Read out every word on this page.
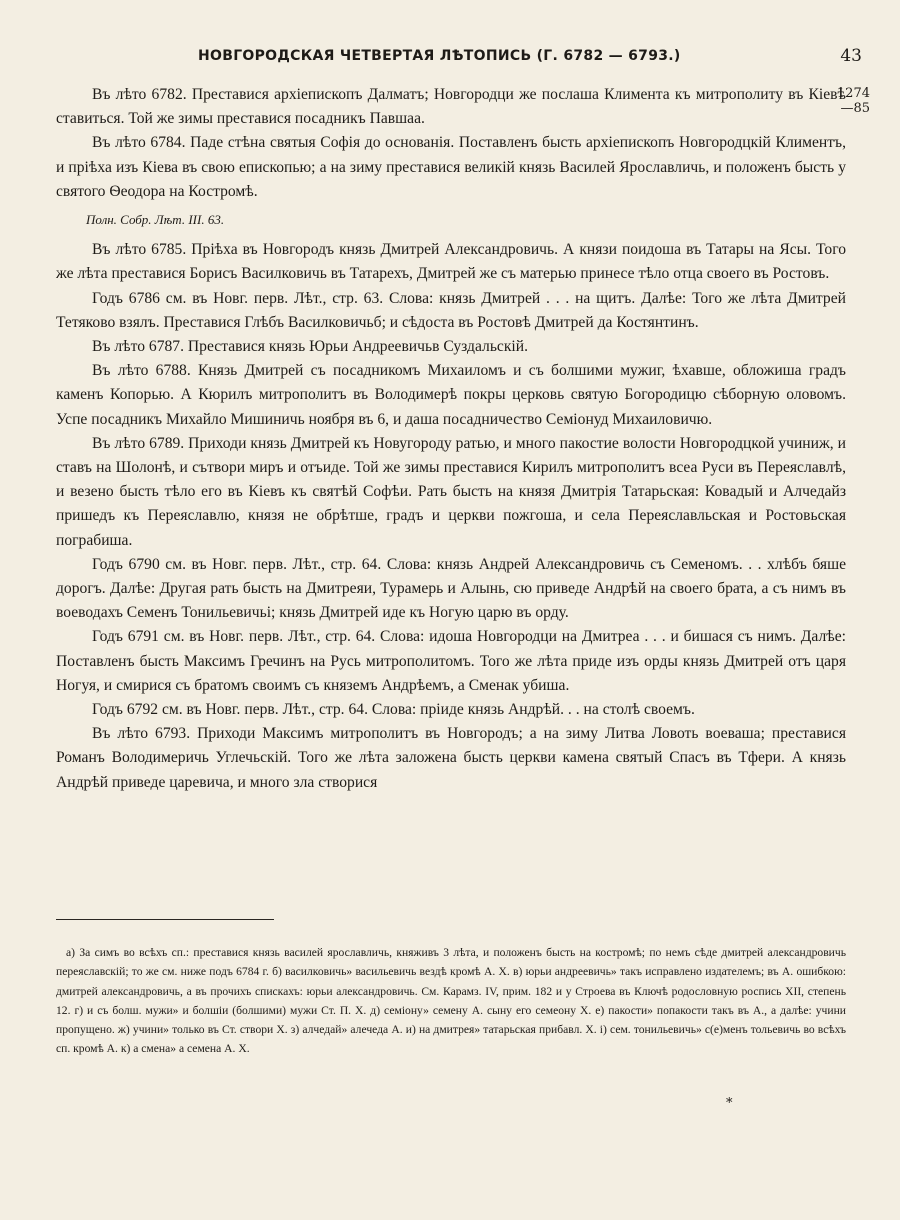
НОВГОРОДСКАЯ ЧЕТВЕРТАЯ ЛѢТОПИСЬ (Г. 6782 — 6793.)	43
1274
—85

Въ лѣто 6782. Преставися архіепископъ Далматъ; Новгородци же послаша Климента къ митрополиту въ Кіевѣ ставиться. Той же зимы преставися посадникъ Павшаа.

Въ лѣто 6784. Паде стѣна святыя Софія до основанія. Поставленъ бысть архіепископъ Новгородцкій Климентъ, и пріѣха изъ Кіева въ свою епископью; а на зиму преставися великій князь Василей Ярославличь, и положенъ бысть у святого Ѳеодора на Костромѣ.

Полн. Собр. Лѣт. III. 63.

Въ лѣто 6785. Пріѣха въ Новгородъ князь Дмитрей Александровичь. А князи поидоша въ Татары на Ясы. Того же лѣта преставися Борисъ Василковичь въ Татарехъ, Дмитрей же съ матерью принесе тѣло отца своего въ Ростовъ.

Годъ 6786 см. въ Новг. перв. Лѣт., стр. 63. Слова: князь Дмитрей . . . на щитъ. Далѣе: Того же лѣта Дмитрей Тетяково взялъ. Преставися Глѣбъ Василковичьб; и сѣдоста въ Ростовѣ Дмитрей да Костянтинъ.

Въ лѣто 6787. Преставися князь Юрьи Андреевичьв Суздальскій.

Въ лѣто 6788. Князь Дмитрей съ посадникомъ Михаиломъ и съ болшими мужиг, ѣхавше, обложиша градъ каменъ Копорью. А Кюрилъ митрополитъ въ Володимерѣ покры церковь святую Богородицю сѣборную оловомъ. Успе посадникъ Михайло Мишиничь ноября въ 6, и даша посадничество Семіонуд Михаиловичю.

Въ лѣто 6789. Приходи князь Дмитрей къ Новугороду ратью, и много пакостие волости Новгородцкой учиниж, и ставъ на Шолонѣ, и сътвори миръ и отъиде. Той же зимы преставися Кирилъ митрополитъ всеа Руси въ Переяславлѣ, и везено бысть тѣло его въ Кіевъ къ святѣй Софѣи. Рать бысть на князя Дмитрія Татарьская: Ковадый и Алчедайз пришедъ къ Переяславлю, князя не обрѣтше, градъ и церкви пожгоша, и села Переяславльская и Ростовьская пограбиша.

Годъ 6790 см. въ Новг. перв. Лѣт., стр. 64. Слова: князь Андрей Александровичь съ Семеномъ. . . хлѣбъ бяше дорогъ. Далѣе: Другая рать бысть на Дмитреяи, Турамерь и Алынь, сю приведе Андрѣй на своего брата, а съ нимъ въ воеводахъ Семенъ Тонильевичьі; князь Дмитрей иде къ Ногую царю въ орду.

Годъ 6791 см. въ Новг. перв. Лѣт., стр. 64. Слова: идоша Новгородци на Дмитреа . . . и бишася съ нимъ. Далѣе: Поставленъ бысть Максимъ Гречинъ на Русь митрополитомъ. Того же лѣта приде изъ орды князь Дмитрей отъ царя Ногуя, и смирися съ братомъ своимъ съ княземъ Андрѣемъ, а Сменак убиша.

Годъ 6792 см. въ Новг. перв. Лѣт., стр. 64. Слова: пріиде князь Андрѣй. . . на столѣ своемъ.

Въ лѣто 6793. Приходи Максимъ митрополитъ въ Новгородъ; а на зиму Литва Ловоть воеваша; преставися Романъ Володимеричь Углечьскій. Того же лѣта заложена бысть церкви камена святый Спасъ въ Тфери. А князь Андрѣй приведе царевича, и много зла створися

а) За симъ во всѣхъ сп.: преставися князь василей ярославличь, княживъ 3 лѣта, и положенъ бысть на костромѣ; по немъ сѣде дмитрей александровичь переяславскій; то же см. ниже подъ 6784 г. б) василковичь» васильевичь вездѣ кромѣ А. Х. в) юрьи андреевичь» такъ исправлено издателемъ; въ А. ошибкою: дмитрей александровичь, а въ прочихъ спискахъ: юрьи александровичь. См. Карамз. IV, прим. 182 и у Строева въ Ключѣ родословную роспись XII, степень 12. г) и съ болш. мужи» и болшiи (болшими) мужи Ст. П. Х. д) семіону» семену А. сыну его семеону Х. е) пакости» попакости такъ въ А., а далѣе: учини пропущено. ж) учини» только въ Ст. створи Х. з) алчедай» алечеда А. и) на дмитрея» татарьская прибавл. Х. і) сем. тонильевичь» с(е)менъ тольевичь во всѣхъ сп. кромѣ А. к) а смена» а семена А. Х.

*
